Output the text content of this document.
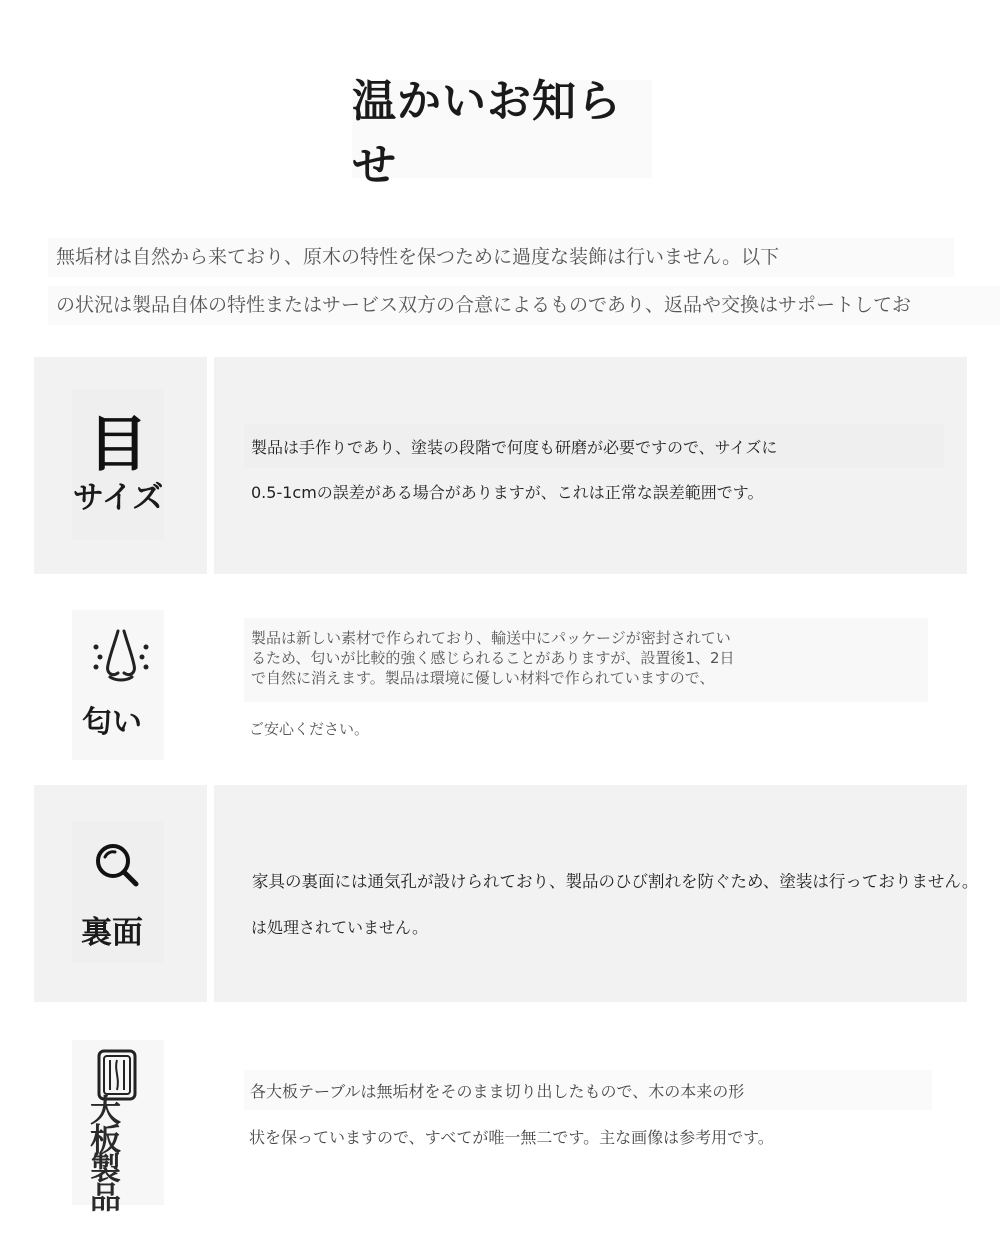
温かいお知らせ
無垢材は自然から来ており、原木の特性を保つために過度な装飾は行いません。以下
の状況は製品自体の特性またはサービス双方の合意によるものであり、返品や交換はサポートしてお
目
サイズ
製品は手作りであり、塗装の段階で何度も研磨が必要ですので、サイズに
0.5-1cmの誤差がある場合がありますが、これは正常な誤差範囲です。
匂い
製品は新しい素材で作られており、輸送中にパッケージが密封されてい
るため、匂いが比較的強く感じられることがありますが、設置後1、2日
で自然に消えます。製品は環境に優しい材料で作られていますので、
ご安心ください。
裏面
家具の裏面には通気孔が設けられており、製品のひび割れを防ぐため、塗装は行っておりません。
は処理されていません。
大板製品
各大板テーブルは無垢材をそのまま切り出したもので、木の本来の形
状を保っていますので、すべてが唯一無二です。主な画像は参考用です。
